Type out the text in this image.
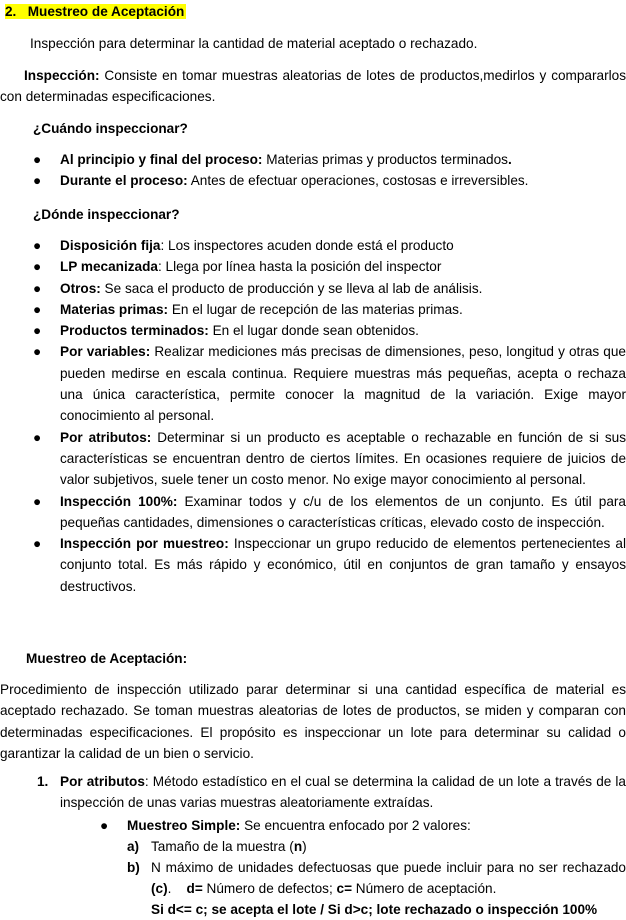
2. Muestreo de Aceptación

Inspección para determinar la cantidad de material aceptado o rechazado.

Inspección: Consiste en tomar muestras aleatorias de lotes de productos,medirlos y compararlos con determinadas especificaciones.

¿Cuándo inspeccionar?

● Al principio y final del proceso: Materias primas y productos terminados.
● Durante el proceso: Antes de efectuar operaciones, costosas e irreversibles.

¿Dónde inspeccionar?

● Disposición fija: Los inspectores acuden donde está el producto
● LP mecanizada: Llega por línea hasta la posición del inspector
● Otros: Se saca el producto de producción y se lleva al lab de análisis.
● Materias primas: En el lugar de recepción de las materias primas.
● Productos terminados: En el lugar donde sean obtenidos.
● Por variables: Realizar mediciones más precisas de dimensiones, peso, longitud y otras que pueden medirse en escala continua. Requiere muestras más pequeñas, acepta o rechaza una única característica, permite conocer la magnitud de la variación. Exige mayor conocimiento al personal.
● Por atributos: Determinar si un producto es aceptable o rechazable en función de si sus características se encuentran dentro de ciertos límites. En ocasiones requiere de juicios de valor subjetivos, suele tener un costo menor. No exige mayor conocimiento al personal.
● Inspección 100%: Examinar todos y c/u de los elementos de un conjunto. Es útil para pequeñas cantidades, dimensiones o características críticas, elevado costo de inspección.
● Inspección por muestreo: Inspeccionar un grupo reducido de elementos pertenecientes al conjunto total. Es más rápido y económico, útil en conjuntos de gran tamaño y ensayos destructivos.

Muestreo de Aceptación:

Procedimiento de inspección utilizado parar determinar si una cantidad específica de material es aceptado rechazado. Se toman muestras aleatorias de lotes de productos, se miden y comparan con determinadas especificaciones. El propósito es inspeccionar un lote para determinar su calidad o garantizar la calidad de un bien o servicio.

1. Por atributos: Método estadístico en el cual se determina la calidad de un lote a través de la inspección de unas varias muestras aleatoriamente extraídas.

● Muestreo Simple: Se encuentra enfocado por 2 valores:
a) Tamaño de la muestra (n)

b) N máximo de unidades defectuosas que puede incluir para no ser rechazado (c).    d= Número de defectos; c= Número de aceptación.

Si d<= c; se acepta el lote / Si d>c; lote rechazado o inspección 100%
